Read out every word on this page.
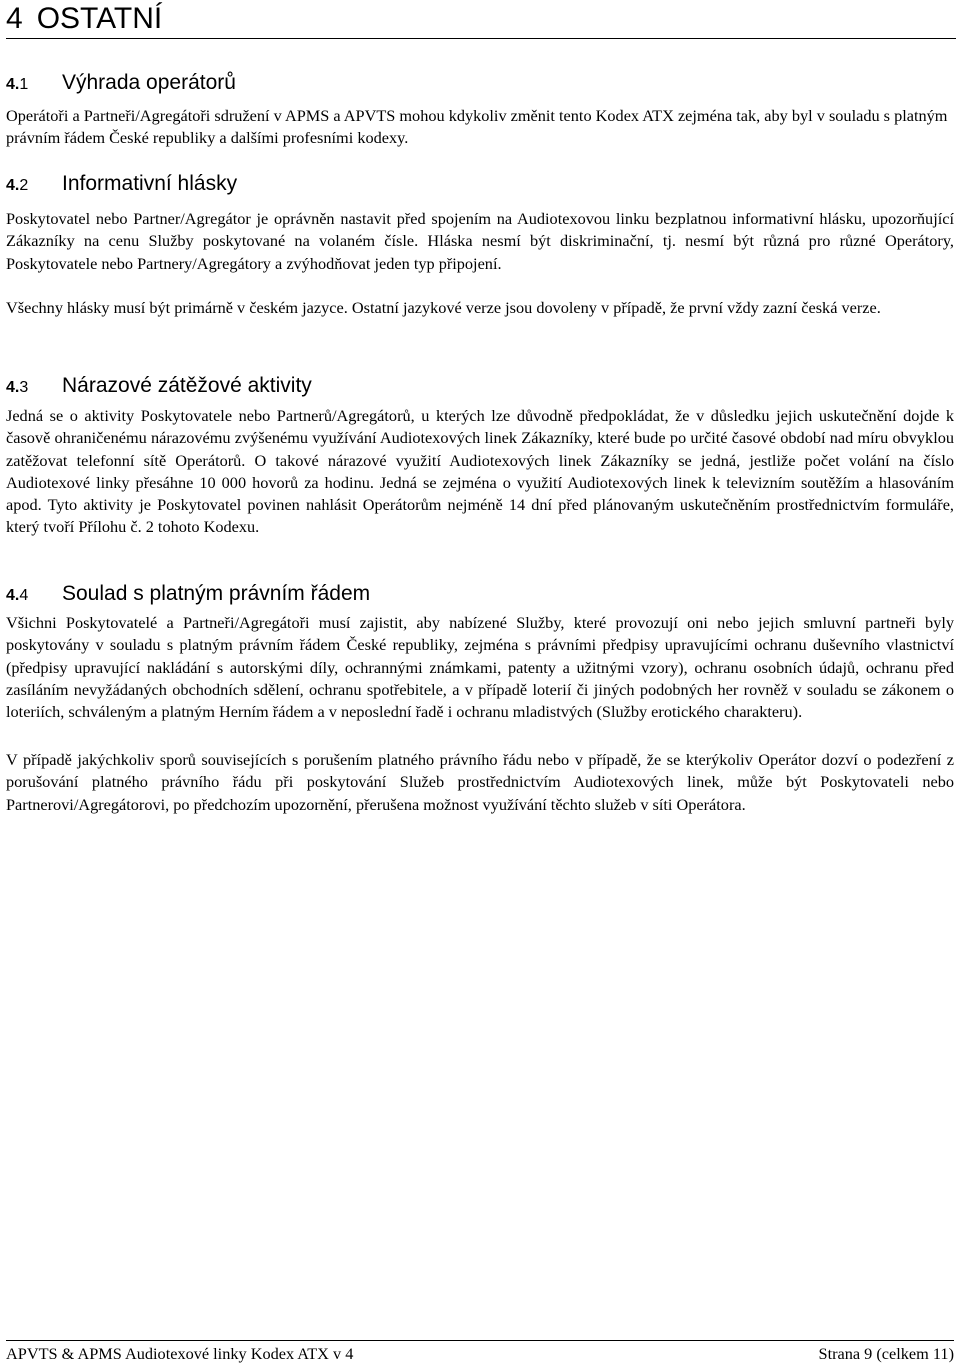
4 OSTATNÍ
4.1 Výhrada operátorů

Operátoři a Partneři/Agregátoři sdružení v APMS a APVTS mohou kdykoliv změnit tento Kodex ATX zejména tak, aby byl v souladu s platným právním řádem České republiky a dalšími profesními kodexy.

4.2 Informativní hlásky

Poskytovatel nebo Partner/Agregátor je oprávněn nastavit před spojením na Audiotexovou linku bezplatnou informativní hlásku, upozorňující Zákazníky na cenu Služby poskytované na volaném čísle. Hláska nesmí být diskriminační, tj. nesmí být různá pro různé Operátory, Poskytovatele nebo Partnery/Agregátory a zvýhodňovat jeden typ připojení.

Všechny hlásky musí být primárně v českém jazyce. Ostatní jazykové verze jsou dovoleny v případě, že první vždy zazní česká verze.

4.3 Nárazové zátěžové aktivity

Jedná se o aktivity Poskytovatele nebo Partnerů/Agregátorů, u kterých lze důvodně předpokládat, že v důsledku jejich uskutečnění dojde k časově ohraničenému nárazovému zvýšenému využívání Audiotexových linek Zákazníky, které bude po určité časové období nad míru obvyklou zatěžovat telefonní sítě Operátorů. O takové nárazové využití Audiotexových linek Zákazníky se jedná, jestliže počet volání na číslo Audiotexové linky přesáhne 10 000 hovorů za hodinu. Jedná se zejména o využití Audiotexových linek k televizním soutěžím a hlasováním apod. Tyto aktivity je Poskytovatel povinen nahlásit Operátorům nejméně 14 dní před plánovaným uskutečněním prostřednictvím formuláře, který tvoří Přílohu č. 2 tohoto Kodexu.

4.4 Soulad s platným právním řádem

Všichni Poskytovatelé a Partneři/Agregátoři musí zajistit, aby nabízené Služby, které provozují oni nebo jejich smluvní partneři byly poskytovány v souladu s platným právním řádem České republiky, zejména s právními předpisy upravujícími ochranu duševního vlastnictví (předpisy upravující nakládání s autorskými díly, ochrannými známkami, patenty a užitnými vzory), ochranu osobních údajů, ochranu před zasíláním nevyžádaných obchodních sdělení, ochranu spotřebitele, a v případě loterií či jiných podobných her rovněž v souladu se zákonem o loteriích, schváleným a platným Herním řádem a v neposlední řadě i ochranu mladistvých (Služby erotického charakteru).

V případě jakýchkoliv sporů souvisejících s porušením platného právního řádu nebo v případě, že se kterýkoliv Operátor dozví o podezření z porušování platného právního řádu při poskytování Služeb prostřednictvím Audiotexových linek, může být Poskytovateli nebo Partnerovi/Agregátorovi, po předchozím upozornění, přerušena možnost využívání těchto služeb v síti Operátora.

APVTS & APMS Audiotexové linky Kodex ATX v 4	Strana 9 (celkem 11)
